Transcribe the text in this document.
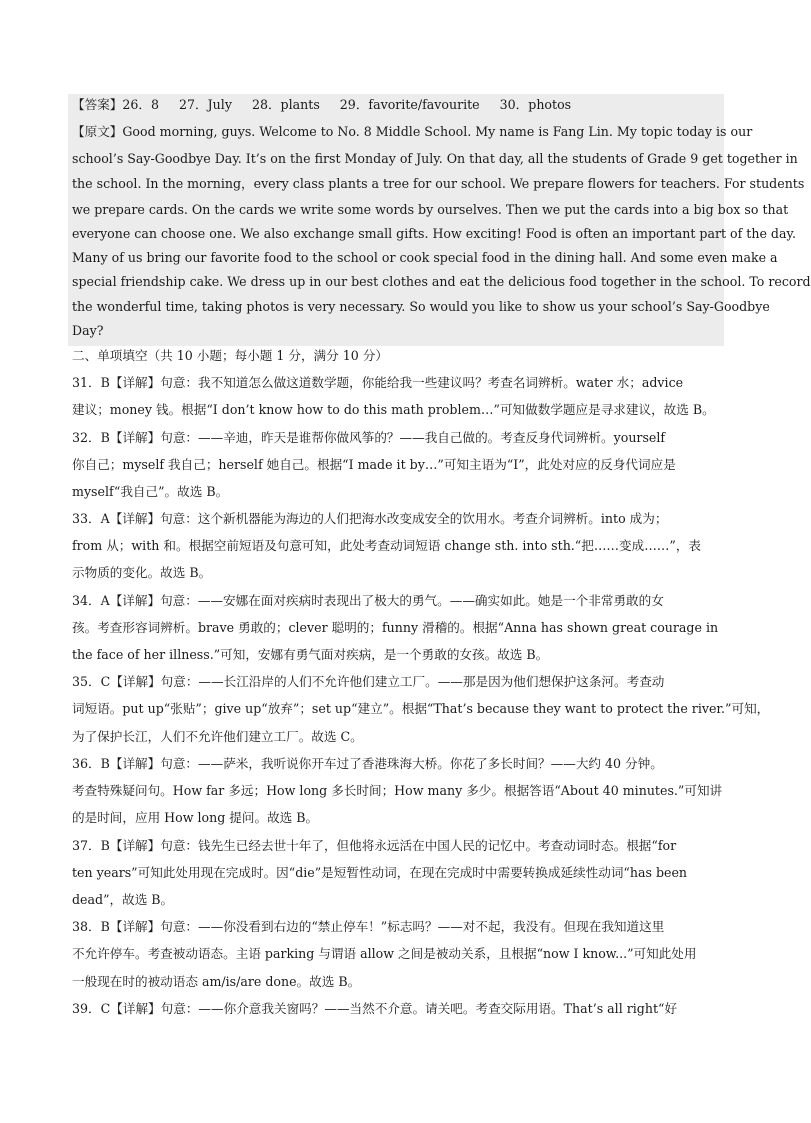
【答案】26．8 27．July 28．plants 29．favorite/favourite 30．photos
【原文】Good morning, guys. Welcome to No. 8 Middle School. My name is Fang Lin. My topic today is our
school’s Say-Goodbye Day. It’s on the first Monday of July. On that day, all the students of Grade 9 get together in
the school. In the morning，every class plants a tree for our school. We prepare flowers for teachers. For students
we prepare cards. On the cards we write some words by ourselves. Then we put the cards into a big box so that
everyone can choose one. We also exchange small gifts. How exciting! Food is often an important part of the day.
Many of us bring our favorite food to the school or cook special food in the dining hall. And some even make a
special friendship cake. We dress up in our best clothes and eat the delicious food together in the school. To record
the wonderful time, taking photos is very necessary. So would you like to show us your school’s Say-Goodbye
Day?
二、单项填空（共 10 小题；每小题 1 分，满分 10 分）
31．B【详解】句意：我不知道怎么做这道数学题，你能给我一些建议吗？考查名词辨析。water 水；advice
建议；money 钱。根据“I don’t know how to do this math problem…”可知做数学题应是寻求建议，故选 B。
32．B【详解】句意：——辛迪，昨天是谁帮你做风筝的？——我自己做的。考查反身代词辨析。yourself
你自己；myself 我自己；herself 她自己。根据“I made it by…”可知主语为“I”，此处对应的反身代词应是
myself“我自己”。故选 B。
33．A【详解】句意：这个新机器能为海边的人们把海水改变成安全的饮用水。考查介词辨析。into 成为；
from 从；with 和。根据空前短语及句意可知，此处考查动词短语 change sth. into sth.“把……变成……”，表
示物质的变化。故选 B。
34．A【详解】句意：——安娜在面对疾病时表现出了极大的勇气。——确实如此。她是一个非常勇敢的女
孩。考查形容词辨析。brave 勇敢的；clever 聪明的；funny 滑稽的。根据“Anna has shown great courage in
the face of her illness.”可知，安娜有勇气面对疾病，是一个勇敢的女孩。故选 B。
35．C【详解】句意：——长江沿岸的人们不允许他们建立工厂。——那是因为他们想保护这条河。考查动
词短语。put up“张贴”；give up“放弃”；set up“建立”。根据“That’s because they want to protect the river.”可知，
为了保护长江，人们不允许他们建立工厂。故选 C。
36．B【详解】句意：——萨米，我听说你开车过了香港珠海大桥。你花了多长时间？——大约 40 分钟。
考查特殊疑问句。How far 多远；How long 多长时间；How many 多少。根据答语“About 40 minutes.”可知讲
的是时间，应用 How long 提问。故选 B。
37．B【详解】句意：钱先生已经去世十年了，但他将永远活在中国人民的记忆中。考查动词时态。根据“for
ten years”可知此处用现在完成时。因“die”是短暂性动词，在现在完成时中需要转换成延续性动词“has been
dead”，故选 B。
38．B【详解】句意：——你没看到右边的“禁止停车！”标志吗？——对不起，我没有。但现在我知道这里
不允许停车。考查被动语态。主语 parking 与谓语 allow 之间是被动关系，且根据“now I know...”可知此处用
一般现在时的被动语态 am/is/are done。故选 B。
39．C【详解】句意：——你介意我关窗吗？——当然不介意。请关吧。考查交际用语。That’s all right“好
